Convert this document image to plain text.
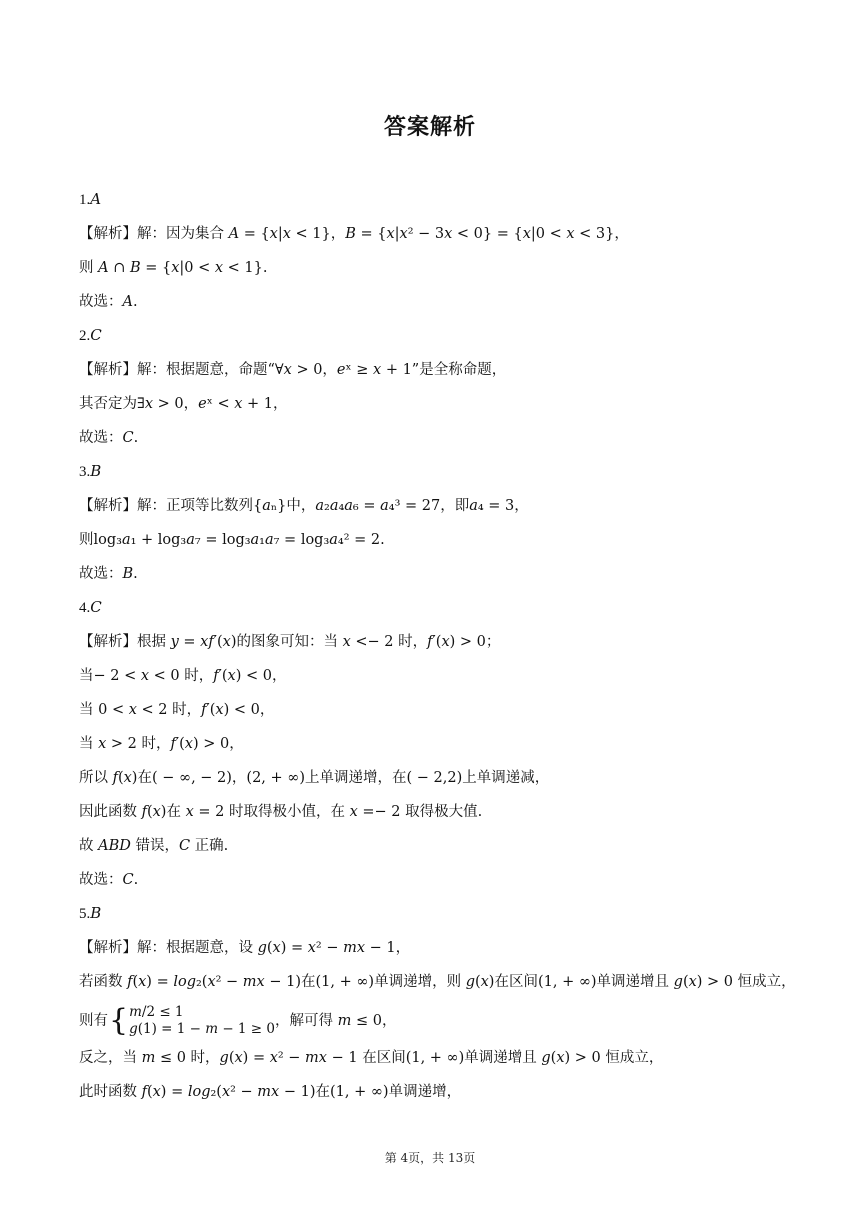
答案解析
1.𝐴
【解析】解：因为集合 𝐴 = {𝑥|𝑥 < 1}，𝐵 = {𝑥|𝑥² − 3𝑥 < 0} = {𝑥|0 < 𝑥 < 3}，
则 𝐴 ∩ 𝐵 = {𝑥|0 < 𝑥 < 1}.
故选：𝐴.
2.𝐶
【解析】解：根据题意，命题“∀𝑥 > 0，𝑒ˣ ≥ 𝑥 + 1”是全称命题，
其否定为∃𝑥 > 0，𝑒ˣ < 𝑥 + 1，
故选：𝐶.
3.𝐵
【解析】解：正项等比数列{𝑎ₙ}中，𝑎₂𝑎₄𝑎₆ = 𝑎₄³ = 27，即𝑎₄ = 3，
则log₃𝑎₁ + log₃𝑎₇ = log₃𝑎₁𝑎₇ = log₃𝑎₄² = 2.
故选：𝐵.
4.𝐶
【解析】根据 𝑦 = 𝑥𝑓′(𝑥)的图象可知：当 𝑥 <− 2 时，𝑓′(𝑥) > 0；
当− 2 < 𝑥 < 0 时，𝑓′(𝑥) < 0，
当 0 < 𝑥 < 2 时，𝑓′(𝑥) < 0，
当 𝑥 > 2 时，𝑓′(𝑥) > 0，
所以 𝑓(𝑥)在( − ∞, − 2)，(2, + ∞)上单调递增，在( − 2,2)上单调递减，
因此函数 𝑓(𝑥)在 𝑥 = 2 时取得极小值，在 𝑥 =− 2 取得极大值.
故 𝐴𝐵𝐷 错误，𝐶 正确.
故选：𝐶.
5.𝐵
【解析】解：根据题意，设 𝑔(𝑥) = 𝑥² − 𝑚𝑥 − 1，
若函数 𝑓(𝑥) = 𝑙𝑜𝑔₂(𝑥² − 𝑚𝑥 − 1)在(1, + ∞)单调递增，则 𝑔(𝑥)在区间(1, + ∞)单调递增且 𝑔(𝑥) > 0 恒成立，
则有 { 𝑚/2 ≤ 1
𝑔(1) = 1 − 𝑚 − 1 ≥ 0 ，解可得 𝑚 ≤ 0，
反之，当 𝑚 ≤ 0 时，𝑔(𝑥) = 𝑥² − 𝑚𝑥 − 1 在区间(1, + ∞)单调递增且 𝑔(𝑥) > 0 恒成立，
此时函数 𝑓(𝑥) = 𝑙𝑜𝑔₂(𝑥² − 𝑚𝑥 − 1)在(1, + ∞)单调递增，
第 4页，共 13页
